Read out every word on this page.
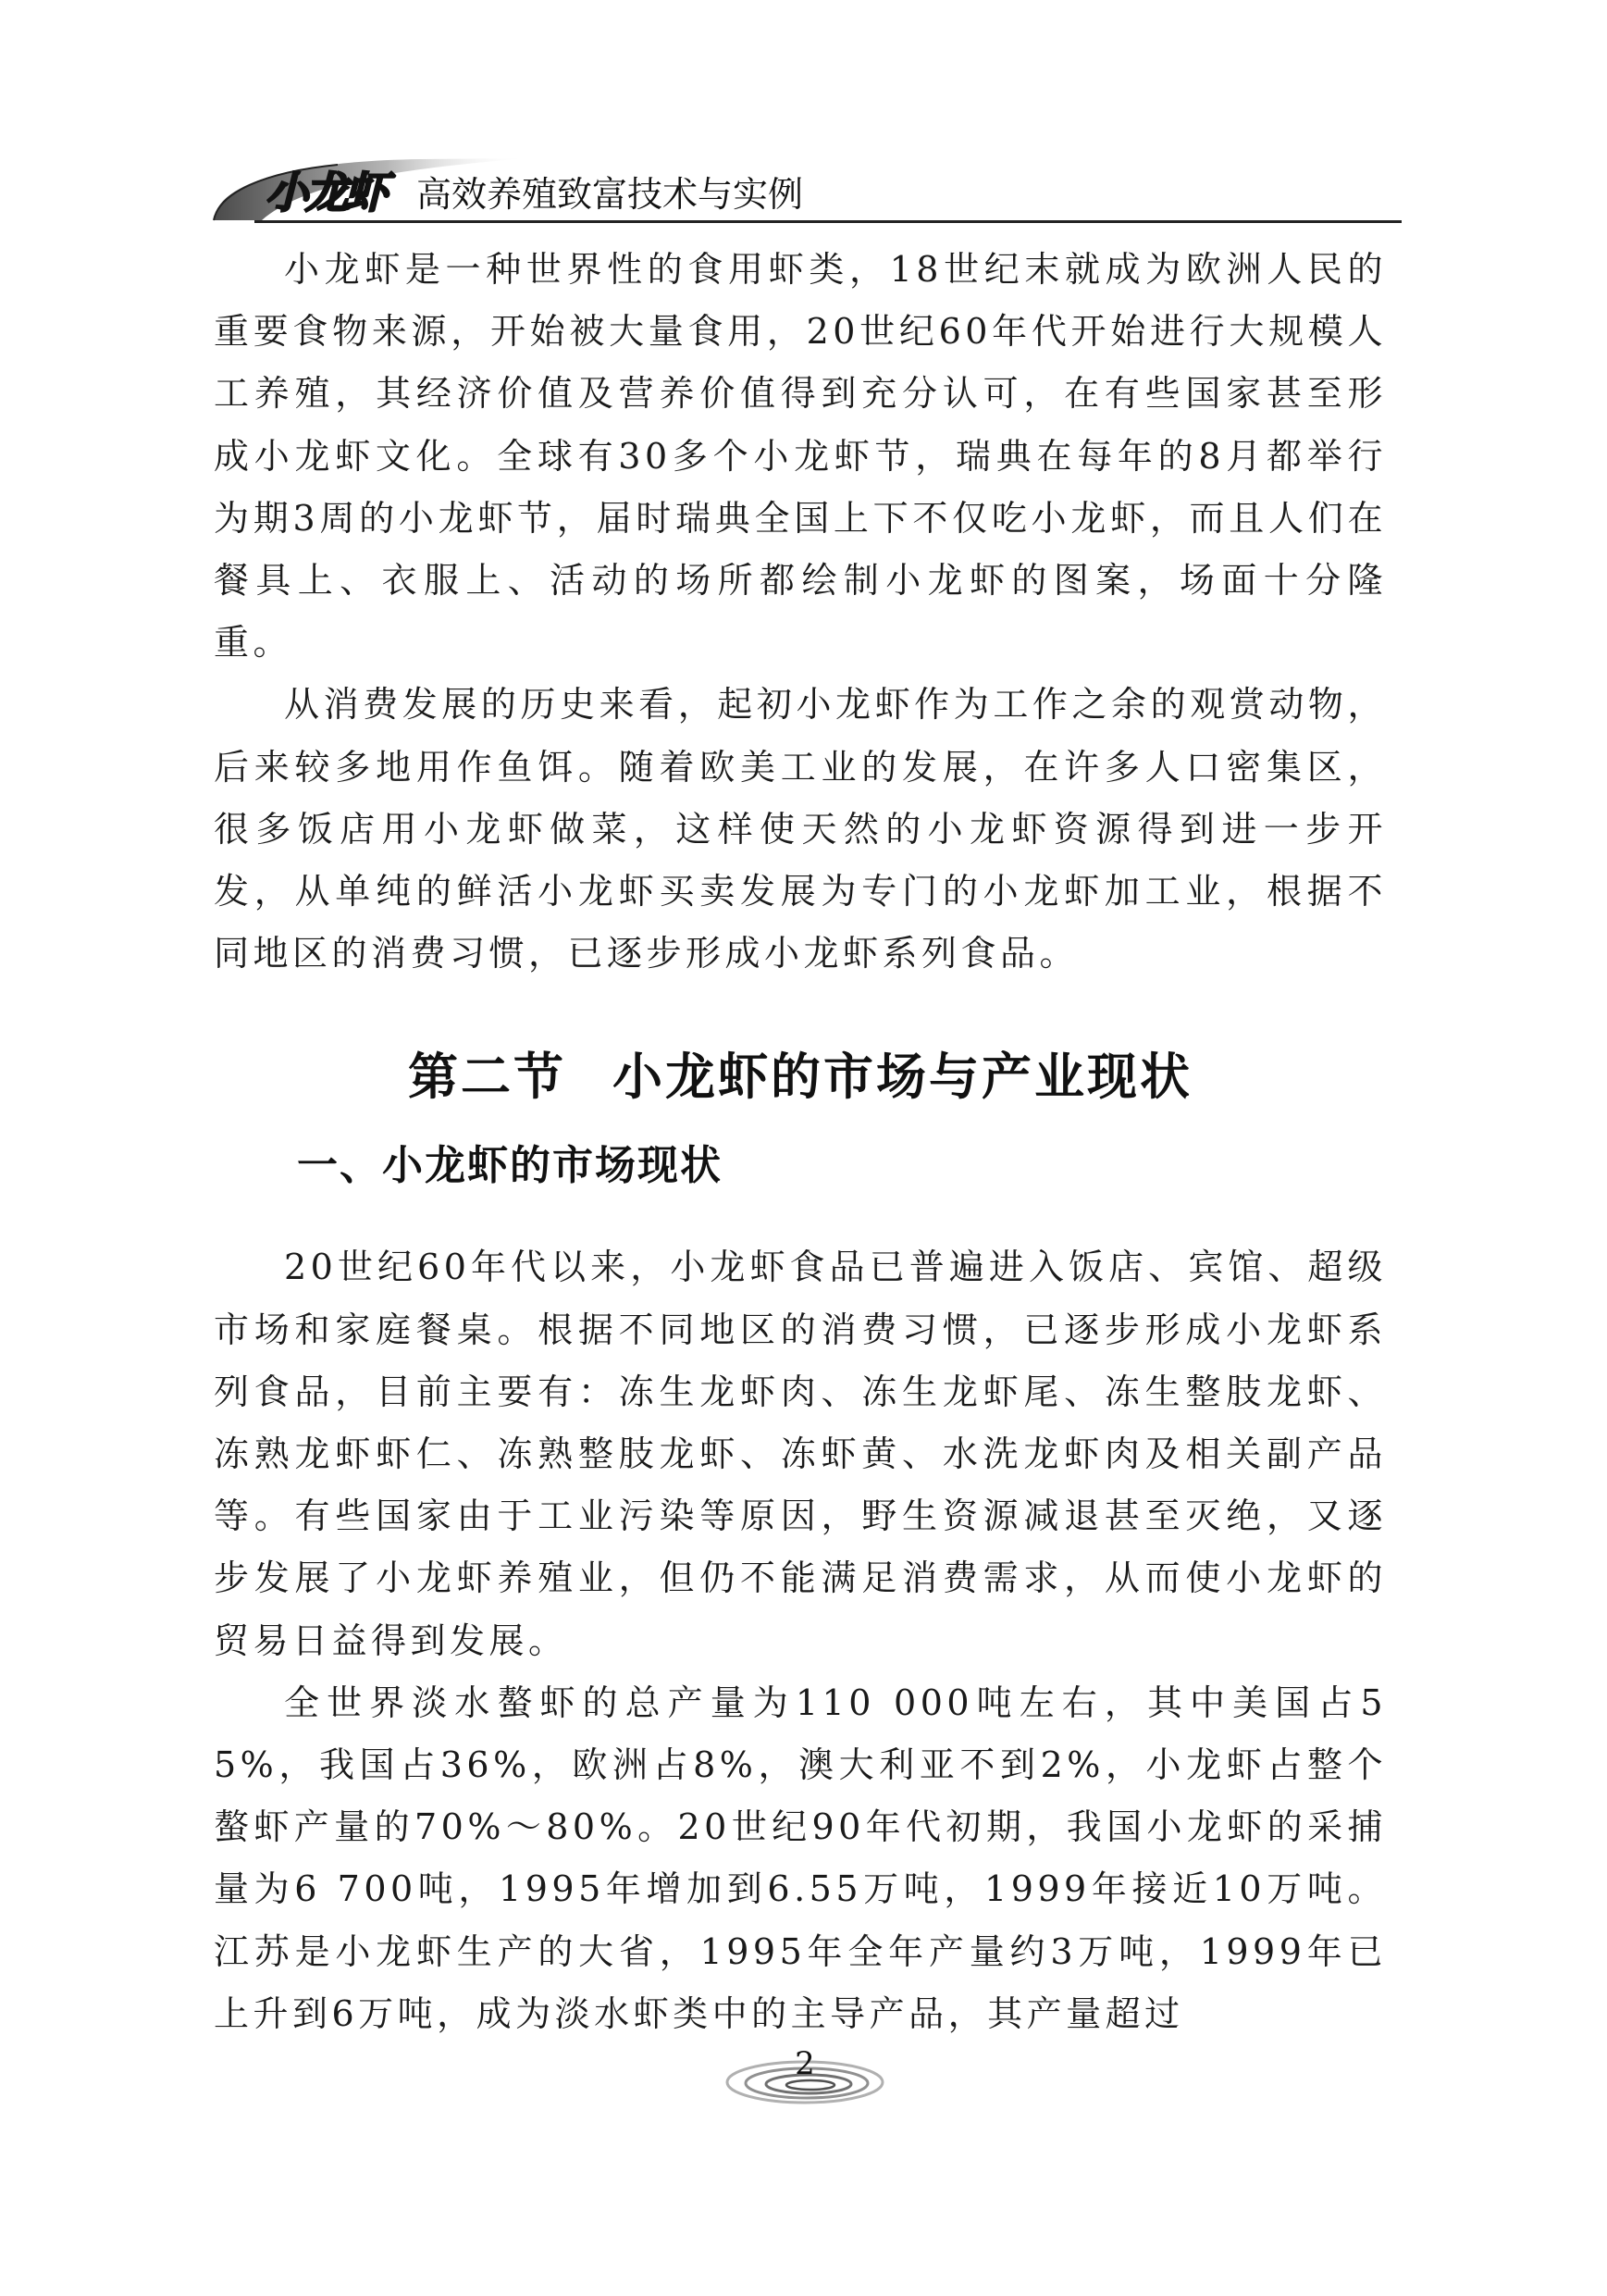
小龙虾 高效养殖致富技术与实例

小龙虾是一种世界性的食用虾类，18世纪末就成为欧洲人民的重要食物来源，开始被大量食用，20世纪60年代开始进行大规模人工养殖，其经济价值及营养价值得到充分认可，在有些国家甚至形成小龙虾文化。全球有30多个小龙虾节，瑞典在每年的8月都举行为期3周的小龙虾节，届时瑞典全国上下不仅吃小龙虾，而且人们在餐具上、衣服上、活动的场所都绘制小龙虾的图案，场面十分隆重。

从消费发展的历史来看，起初小龙虾作为工作之余的观赏动物，后来较多地用作鱼饵。随着欧美工业的发展，在许多人口密集区，很多饭店用小龙虾做菜，这样使天然的小龙虾资源得到进一步开发，从单纯的鲜活小龙虾买卖发展为专门的小龙虾加工业，根据不同地区的消费习惯，已逐步形成小龙虾系列食品。

第二节 小龙虾的市场与产业现状
一、小龙虾的市场现状

20世纪60年代以来，小龙虾食品已普遍进入饭店、宾馆、超级市场和家庭餐桌。根据不同地区的消费习惯，已逐步形成小龙虾系列食品，目前主要有：冻生龙虾肉、冻生龙虾尾、冻生整肢龙虾、冻熟龙虾虾仁、冻熟整肢龙虾、冻虾黄、水洗龙虾肉及相关副产品等。有些国家由于工业污染等原因，野生资源减退甚至灭绝，又逐步发展了小龙虾养殖业，但仍不能满足消费需求，从而使小龙虾的贸易日益得到发展。

全世界淡水螯虾的总产量为110 000吨左右，其中美国占55%，我国占36%，欧洲占8%，澳大利亚不到2%，小龙虾占整个螯虾产量的70%～80%。20世纪90年代初期，我国小龙虾的采捕量为6 700吨，1995年增加到6.55万吨，1999年接近10万吨。江苏是小龙虾生产的大省，1995年全年产量约3万吨，1999年已上升到6万吨，成为淡水虾类中的主导产品，其产量超过

2
